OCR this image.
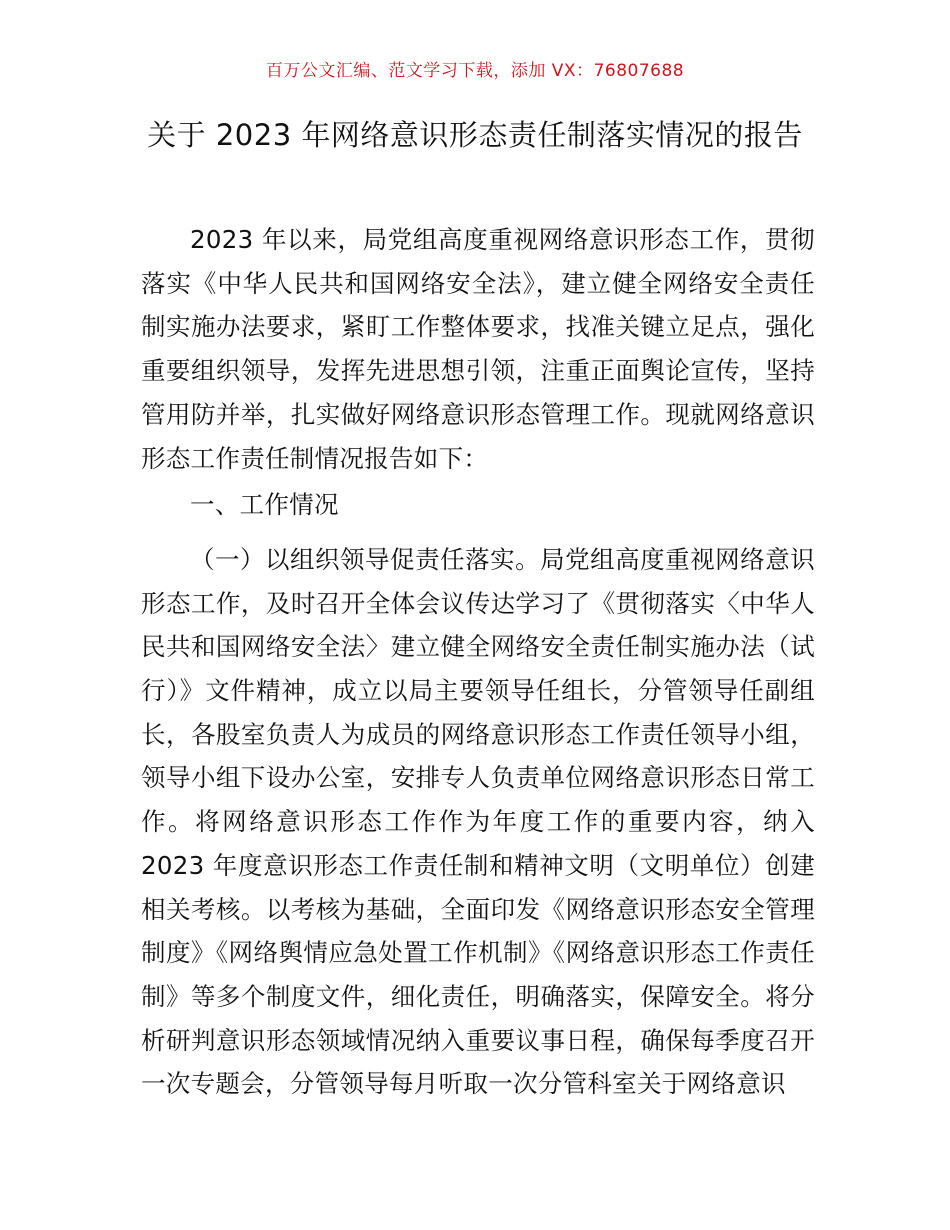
百万公文汇编、范文学习下载，添加 VX：76807688
关于 2023 年网络意识形态责任制落实情况的报告

2023 年以来，局党组高度重视网络意识形态工作，贯彻落实《中华人民共和国网络安全法》，建立健全网络安全责任制实施办法要求，紧盯工作整体要求，找准关键立足点，强化重要组织领导，发挥先进思想引领，注重正面舆论宣传，坚持管用防并举，扎实做好网络意识形态管理工作。现就网络意识形态工作责任制情况报告如下：

一、工作情况

（一）以组织领导促责任落实。局党组高度重视网络意识形态工作，及时召开全体会议传达学习了《贯彻落实〈中华人民共和国网络安全法〉建立健全网络安全责任制实施办法（试行）》文件精神，成立以局主要领导任组长，分管领导任副组长，各股室负责人为成员的网络意识形态工作责任领导小组，领导小组下设办公室，安排专人负责单位网络意识形态日常工作。将网络意识形态工作作为年度工作的重要内容，纳入 2023 年度意识形态工作责任制和精神文明（文明单位）创建相关考核。以考核为基础，全面印发《网络意识形态安全管理制度》《网络舆情应急处置工作机制》《网络意识形态工作责任制》等多个制度文件，细化责任，明确落实，保障安全。将分析研判意识形态领域情况纳入重要议事日程，确保每季度召开一次专题会，分管领导每月听取一次分管科室关于网络意识
